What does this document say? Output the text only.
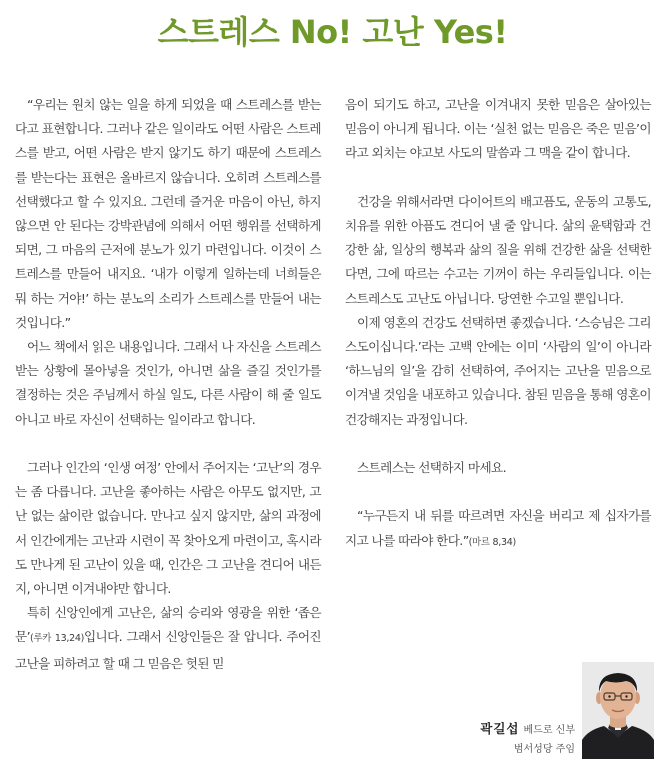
스트레스 No! 고난 Yes!

“우리는 원치 않는 일을 하게 되었을 때 스트레스를 받는다고 표현합니다. 그러나 같은 일이라도 어떤 사람은 스트레스를 받고, 어떤 사람은 받지 않기도 하기 때문에 스트레스를 받는다는 표현은 올바르지 않습니다. 오히려 스트레스를 선택했다고 할 수 있지요. 그런데 즐거운 마음이 아닌, 하지 않으면 안 된다는 강박관념에 의해서 어떤 행위를 선택하게 되면, 그 마음의 근저에 분노가 있기 마련입니다. 이것이 스트레스를 만들어 내지요. ‘내가 이렇게 일하는데 너희들은 뭐 하는 거야!’ 하는 분노의 소리가 스트레스를 만들어 내는 것입니다.”

어느 책에서 읽은 내용입니다. 그래서 나 자신을 스트레스받는 상황에 몰아넣을 것인가, 아니면 삶을 즐길 것인가를 결정하는 것은 주님께서 하실 일도, 다른 사람이 해 줄 일도 아니고 바로 자신이 선택하는 일이라고 합니다.

그러나 인간의 ‘인생 여정’ 안에서 주어지는 ‘고난’의 경우는 좀 다릅니다. 고난을 좋아하는 사람은 아무도 없지만, 고난 없는 삶이란 없습니다. 만나고 싶지 않지만, 삶의 과정에서 인간에게는 고난과 시련이 꼭 찾아오게 마련이고, 혹시라도 만나게 된 고난이 있을 때, 인간은 그 고난을 견디어 내든지, 아니면 이겨내야만 합니다.

특히 신앙인에게 고난은, 삶의 승리와 영광을 위한 ‘좁은 문’(루카 13,24)입니다. 그래서 신앙인들은 잘 압니다. 주어진 고난을 피하려고 할 때 그 믿음은 헛된 믿

음이 되기도 하고, 고난을 이겨내지 못한 믿음은 살아있는 믿음이 아니게 됩니다. 이는 ‘실천 없는 믿음은 죽은 믿음’이라고 외치는 야고보 사도의 말씀과 그 맥을 같이 합니다.

건강을 위해서라면 다이어트의 배고픔도, 운동의 고통도, 치유를 위한 아픔도 견디어 낼 줄 압니다. 삶의 윤택함과 건강한 삶, 일상의 행복과 삶의 질을 위해 건강한 삶을 선택한다면, 그에 따르는 수고는 기꺼이 하는 우리들입니다. 이는 스트레스도 고난도 아닙니다. 당연한 수고일 뿐입니다.

이제 영혼의 건강도 선택하면 좋겠습니다. ‘스승님은 그리스도이십니다.’라는 고백 안에는 이미 ‘사람의 일’이 아니라 ‘하느님의 일’을 감히 선택하여, 주어지는 고난을 믿음으로 이겨낼 것임을 내포하고 있습니다. 참된 믿음을 통해 영혼이 건강해지는 과정입니다.

스트레스는 선택하지 마세요.

“누구든지 내 뒤를 따르려면 자신을 버리고 제 십자가를 지고 나를 따라야 한다.”(마르 8,34)

곽길섭 베드로 신부
범서성당 주임
